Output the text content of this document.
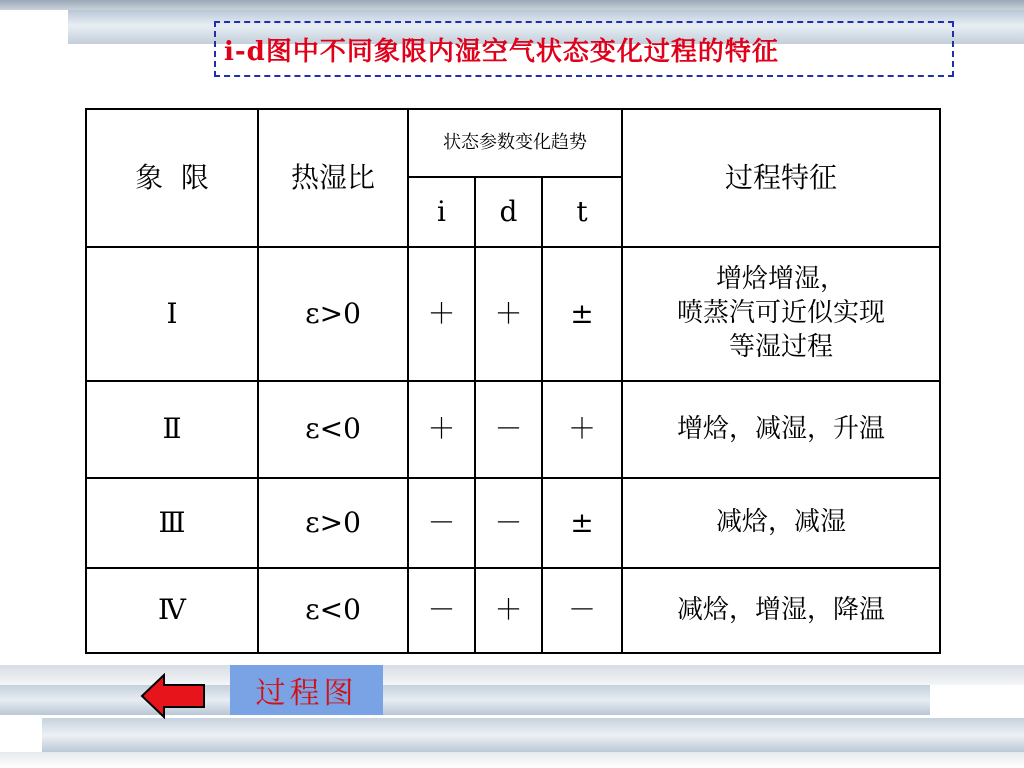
i-d图中不同象限内湿空气状态变化过程的特征
象  限	热湿比	状态参数变化趋势			过程特征
		i	d	t	
Ⅰ	ε>0	＋	＋	±	增焓增湿，
喷蒸汽可近似实现
等湿过程

Ⅱ	ε<0	＋	－	＋	增焓，减湿，升温
Ⅲ	ε>0	－	－	±	减焓，减湿
Ⅳ	ε<0	－	＋	－	减焓，增湿，降温
过程图
